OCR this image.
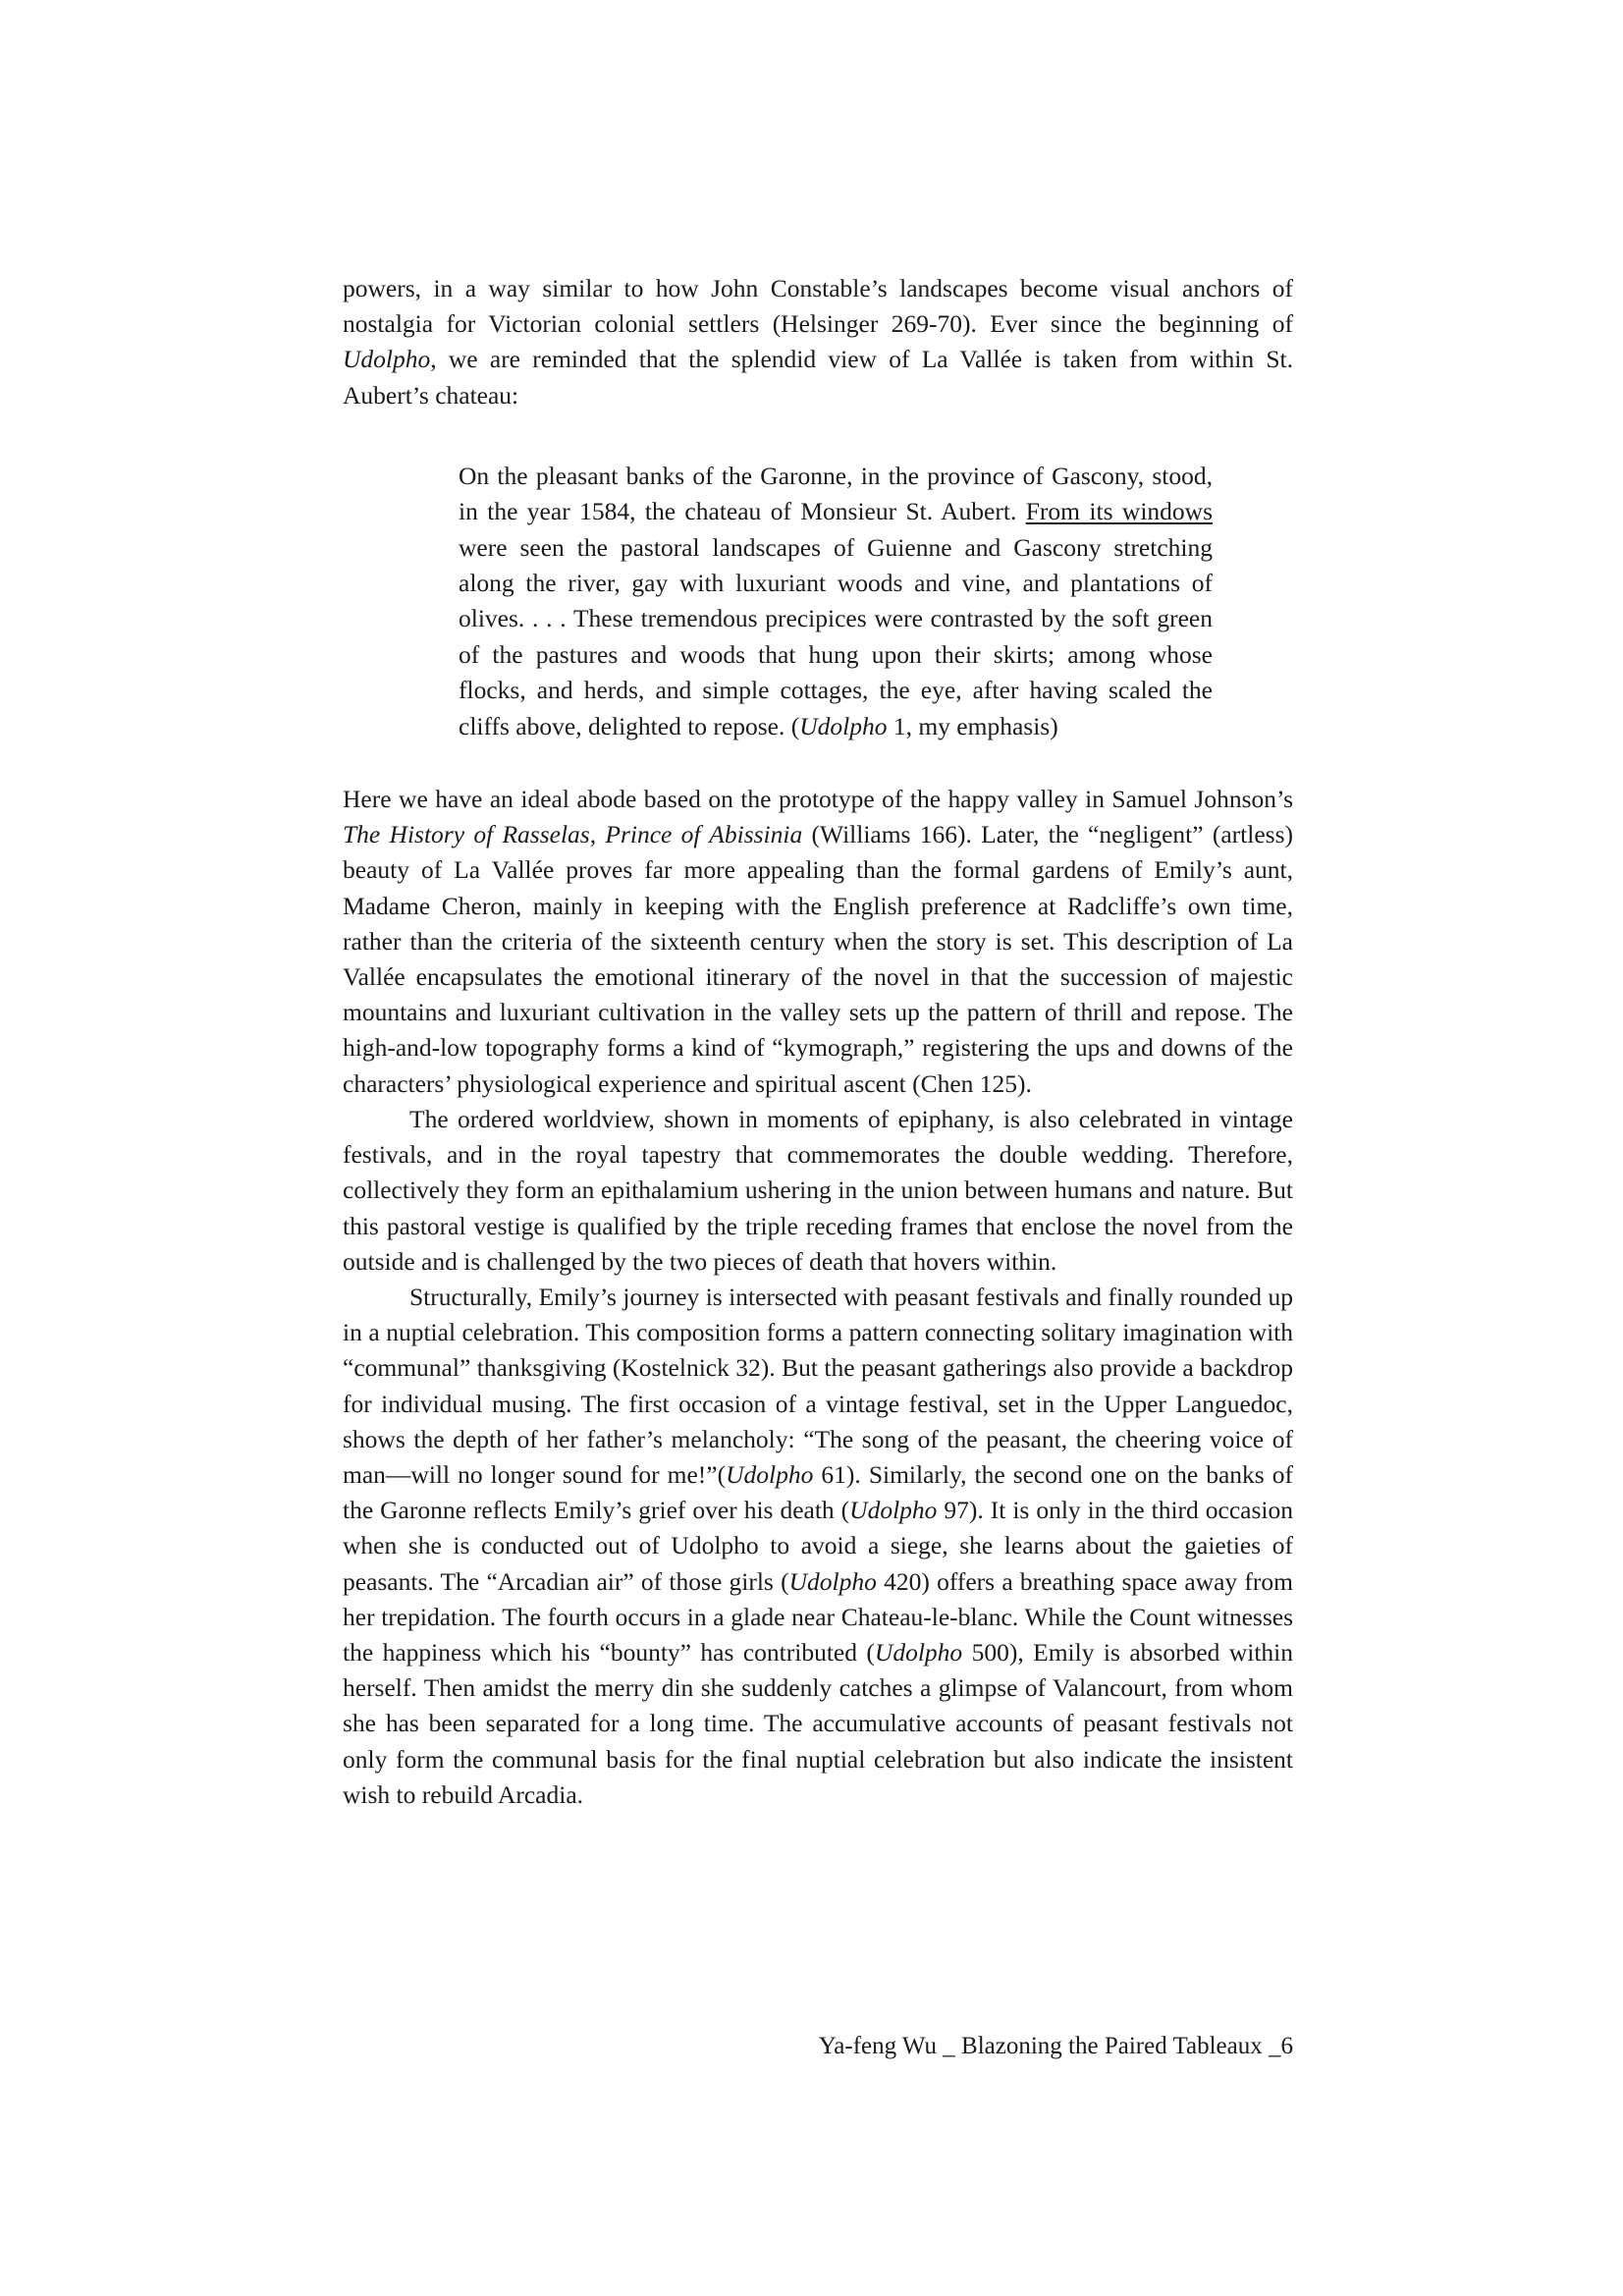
powers, in a way similar to how John Constable’s landscapes become visual anchors of nostalgia for Victorian colonial settlers (Helsinger 269-70). Ever since the beginning of Udolpho, we are reminded that the splendid view of La Vallée is taken from within St. Aubert’s chateau:

On the pleasant banks of the Garonne, in the province of Gascony, stood, in the year 1584, the chateau of Monsieur St. Aubert. From its windows were seen the pastoral landscapes of Guienne and Gascony stretching along the river, gay with luxuriant woods and vine, and plantations of olives. . . . These tremendous precipices were contrasted by the soft green of the pastures and woods that hung upon their skirts; among whose flocks, and herds, and simple cottages, the eye, after having scaled the cliffs above, delighted to repose. (Udolpho 1, my emphasis)

Here we have an ideal abode based on the prototype of the happy valley in Samuel Johnson’s The History of Rasselas, Prince of Abissinia (Williams 166). Later, the “negligent” (artless) beauty of La Vallée proves far more appealing than the formal gardens of Emily’s aunt, Madame Cheron, mainly in keeping with the English preference at Radcliffe’s own time, rather than the criteria of the sixteenth century when the story is set. This description of La Vallée encapsulates the emotional itinerary of the novel in that the succession of majestic mountains and luxuriant cultivation in the valley sets up the pattern of thrill and repose. The high-and-low topography forms a kind of “kymograph,” registering the ups and downs of the characters’ physiological experience and spiritual ascent (Chen 125).

The ordered worldview, shown in moments of epiphany, is also celebrated in vintage festivals, and in the royal tapestry that commemorates the double wedding. Therefore, collectively they form an epithalamium ushering in the union between humans and nature. But this pastoral vestige is qualified by the triple receding frames that enclose the novel from the outside and is challenged by the two pieces of death that hovers within.

Structurally, Emily’s journey is intersected with peasant festivals and finally rounded up in a nuptial celebration. This composition forms a pattern connecting solitary imagination with “communal” thanksgiving (Kostelnick 32). But the peasant gatherings also provide a backdrop for individual musing. The first occasion of a vintage festival, set in the Upper Languedoc, shows the depth of her father’s melancholy: “The song of the peasant, the cheering voice of man—will no longer sound for me!”(Udolpho 61). Similarly, the second one on the banks of the Garonne reflects Emily’s grief over his death (Udolpho 97). It is only in the third occasion when she is conducted out of Udolpho to avoid a siege, she learns about the gaieties of peasants. The “Arcadian air” of those girls (Udolpho 420) offers a breathing space away from her trepidation. The fourth occurs in a glade near Chateau-le-blanc. While the Count witnesses the happiness which his “bounty” has contributed (Udolpho 500), Emily is absorbed within herself. Then amidst the merry din she suddenly catches a glimpse of Valancourt, from whom she has been separated for a long time. The accumulative accounts of peasant festivals not only form the communal basis for the final nuptial celebration but also indicate the insistent wish to rebuild Arcadia.

Ya-feng Wu _ Blazoning the Paired Tableaux _6
